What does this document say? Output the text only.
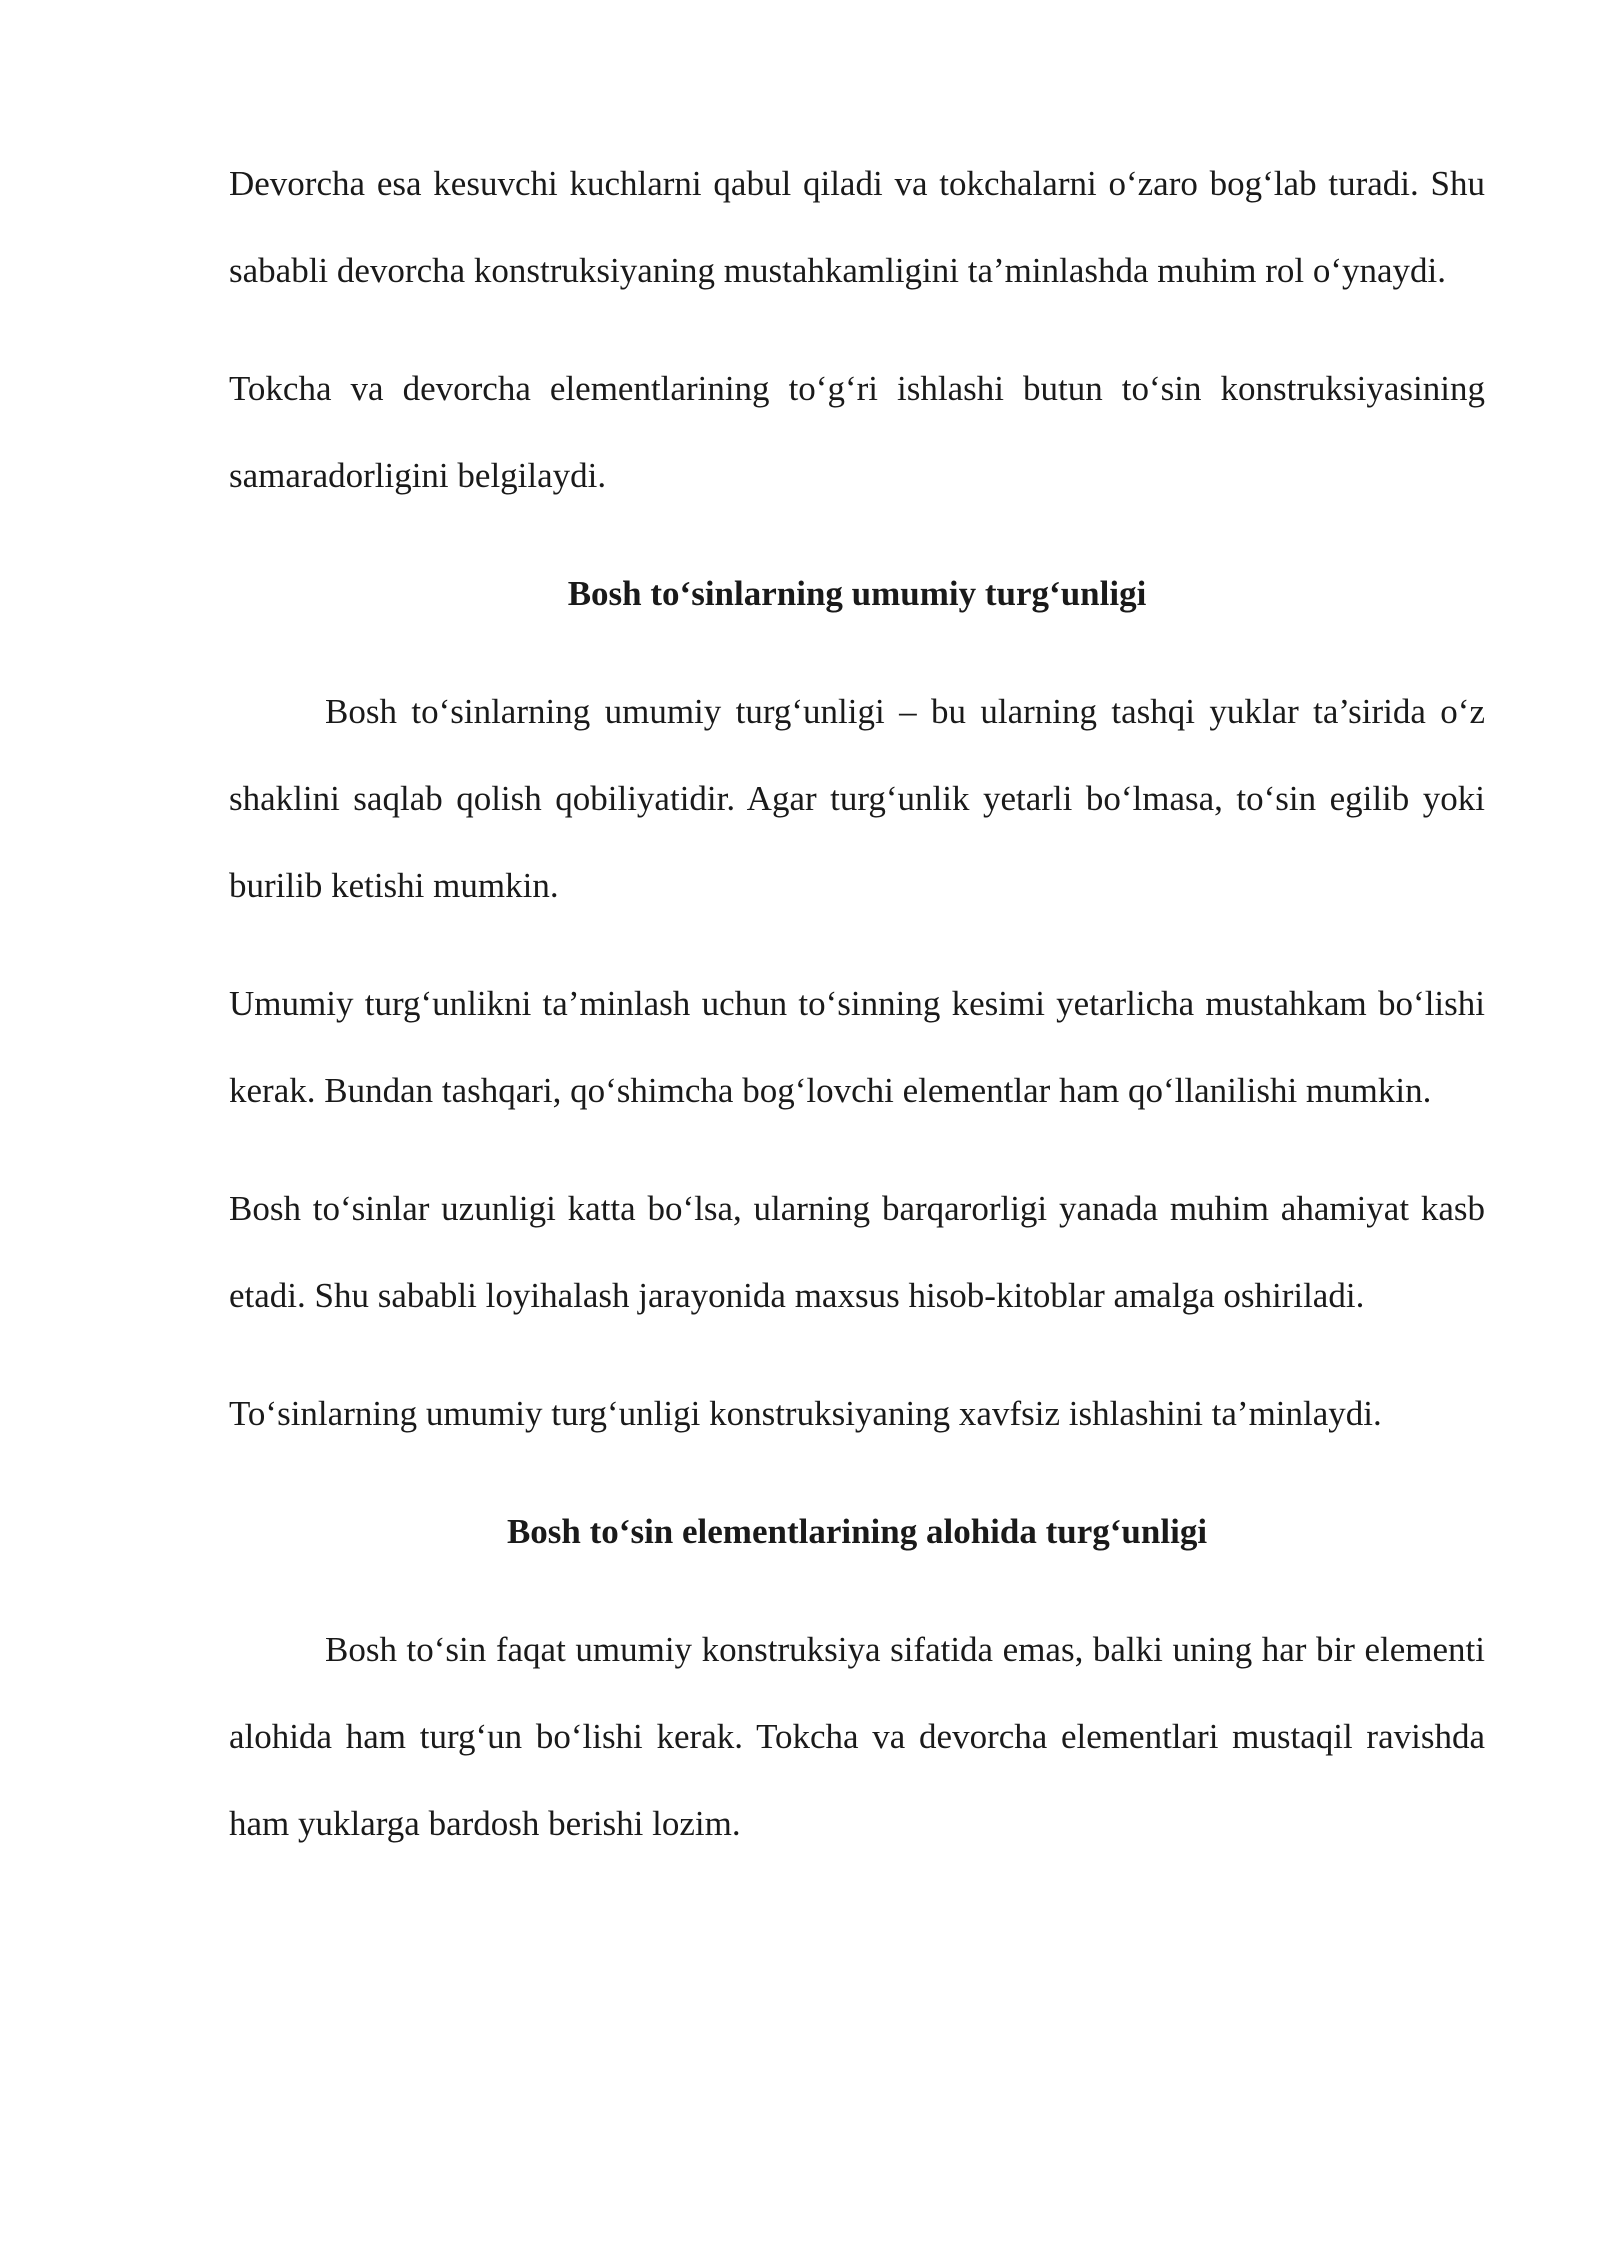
Devorcha esa kesuvchi kuchlarni qabul qiladi va tokchalarni o‘zaro bog‘lab turadi. Shu sababli devorcha konstruksiyaning mustahkamligini ta’minlashda muhim rol o‘ynaydi.

Tokcha va devorcha elementlarining to‘g‘ri ishlashi butun to‘sin konstruksiyasining samaradorligini belgilaydi.

Bosh to‘sinlarning umumiy turg‘unligi

Bosh to‘sinlarning umumiy turg‘unligi – bu ularning tashqi yuklar ta’sirida o‘z shaklini saqlab qolish qobiliyatidir. Agar turg‘unlik yetarli bo‘lmasa, to‘sin egilib yoki burilib ketishi mumkin.

Umumiy turg‘unlikni ta’minlash uchun to‘sinning kesimi yetarlicha mustahkam bo‘lishi kerak. Bundan tashqari, qo‘shimcha bog‘lovchi elementlar ham qo‘llanilishi mumkin.

Bosh to‘sinlar uzunligi katta bo‘lsa, ularning barqarorligi yanada muhim ahamiyat kasb etadi. Shu sababli loyihalash jarayonida maxsus hisob-kitoblar amalga oshiriladi.

To‘sinlarning umumiy turg‘unligi konstruksiyaning xavfsiz ishlashini ta’minlaydi.

Bosh to‘sin elementlarining alohida turg‘unligi

Bosh to‘sin faqat umumiy konstruksiya sifatida emas, balki uning har bir elementi alohida ham turg‘un bo‘lishi kerak. Tokcha va devorcha elementlari mustaqil ravishda ham yuklarga bardosh berishi lozim.
